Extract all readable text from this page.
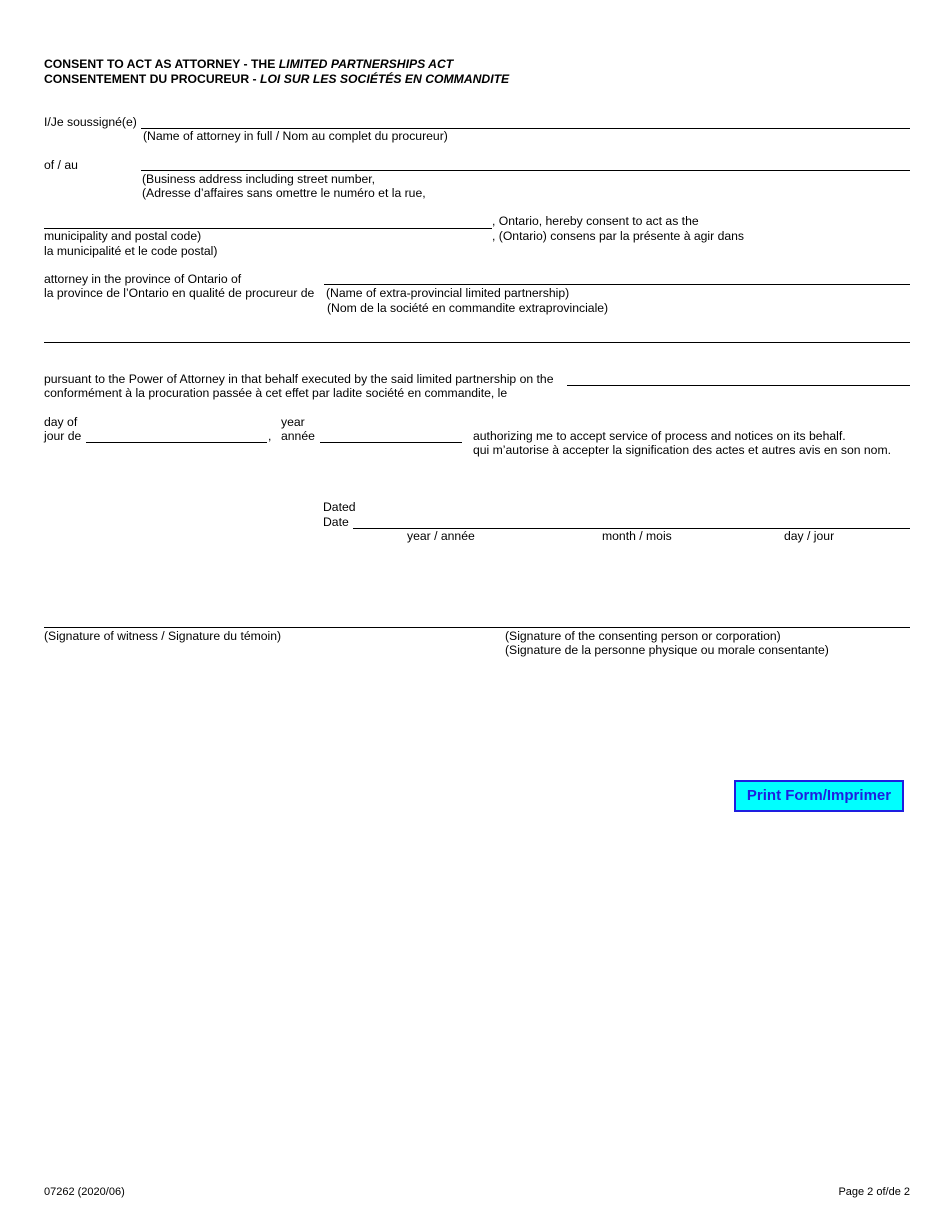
CONSENT TO ACT AS ATTORNEY - THE LIMITED PARTNERSHIPS ACT
CONSENTEMENT DU PROCUREUR - LOI SUR LES SOCIÉTÉS EN COMMANDITE
I/Je soussigné(e)
(Name of attorney in full / Nom au complet du procureur)
of / au
(Business address including street number,
(Adresse d’affaires sans omettre le numéro et la rue,
, Ontario, hereby consent to act as the
municipality and postal code)	, (Ontario) consens par la présente à agir dans
la municipalité et le code postal)
attorney in the province of Ontario of
la province de l’Ontario en qualité de procureur de (Name of extra-provincial limited partnership)
(Nom de la société en commandite extraprovinciale)
pursuant to the Power of Attorney in that behalf executed by the said limited partnership on the
conformément à la procuration passée à cet effet par ladite société en commandite, le
day of
jour de	,
year
année	authorizing me to accept service of process and notices on its behalf.
qui m’autorise à accepter la signification des actes et autres avis en son nom.
Dated
Date
year / année	month / mois	day / jour
(Signature of witness / Signature du témoin)	(Signature of the consenting person or corporation)
(Signature de la personne physique ou morale consentante)
Print Form/Imprimer
07262 (2020/06)	Page 2 of/de 2
